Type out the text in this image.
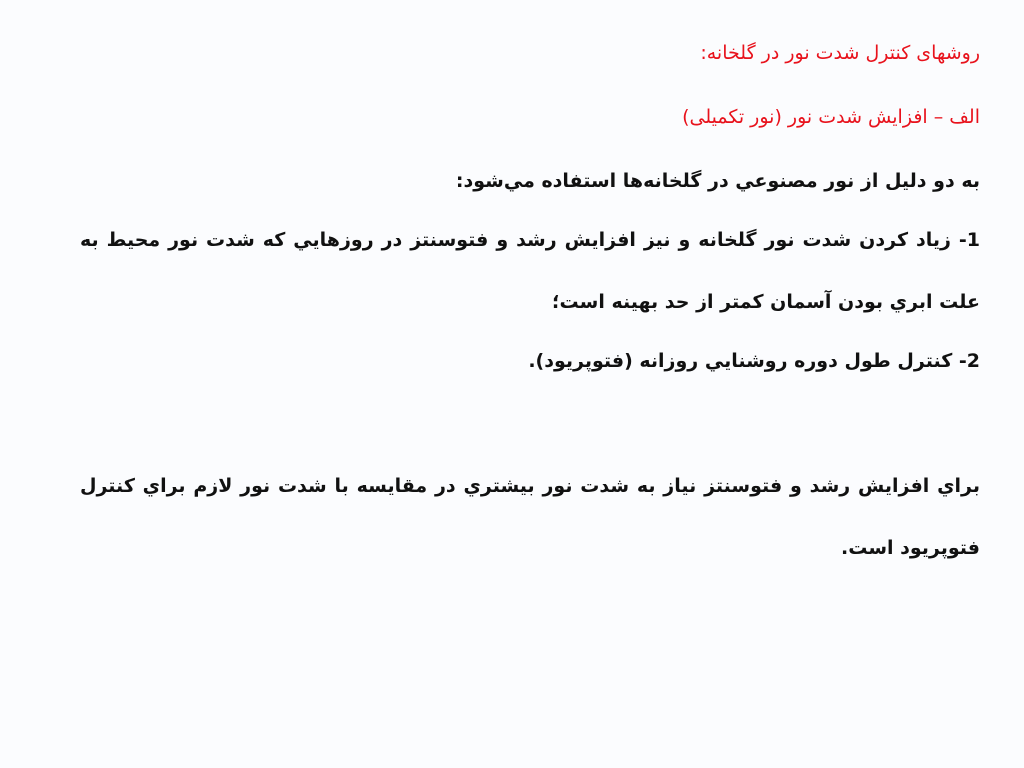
روشهای کنترل شدت نور در گلخانه:
الف – افزایش شدت نور (نور تکمیلی)
به دو دلیل از نور مصنوعي در گلخانه‌ها استفاده مي‌شود:
1- زياد كردن شدت نور گلخانه و نيز افزايش رشد و فتوسنتز در روزهايي كه شدت نور محيط به
علت ابري بودن آسمان كمتر از حد بهينه است؛
2- كنترل طول دوره روشنايي روزانه (فتوپريود).
براي افزايش رشد و فتوسنتز نياز به شدت نور بيشتري در مقايسه با شدت نور لازم براي كنترل
فتوپريود است.
